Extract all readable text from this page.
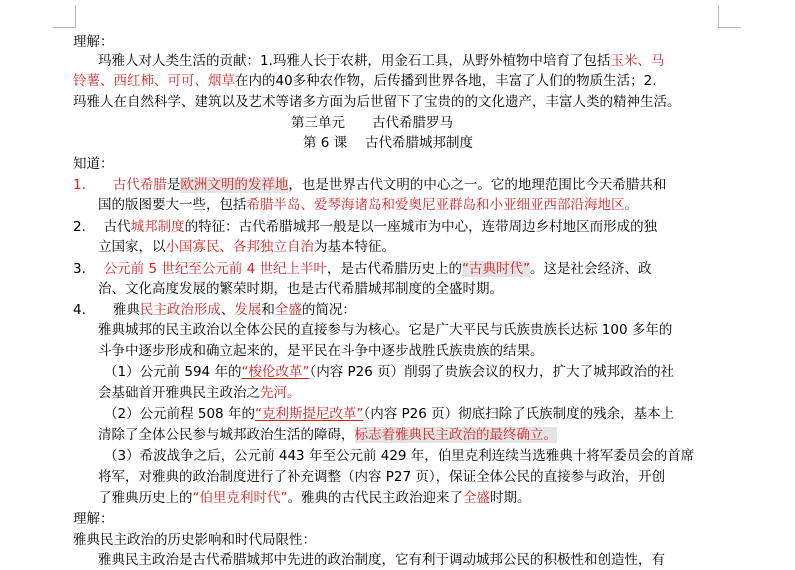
理解：
玛雅人对人类生活的贡献：1.玛雅人长于农耕，用金石工具，从野外植物中培育了包括玉米、马
铃薯、西红柿、可可、烟草在内的40多种农作物，后传播到世界各地，丰富了人们的物质生活；2.
玛雅人在自然科学、建筑以及艺术等诸多方面为后世留下了宝贵的的文化遗产，丰富人类的精神生活。
第三单元　　古代希腊罗马
第 6 课　 古代希腊城邦制度
知道：
1.　　古代希腊是欧洲文明的发祥地，也是世界古代文明的中心之一。它的地理范围比今天希腊共和
国的版图要大一些，包括希腊半岛、爱琴海诸岛和爱奥尼亚群岛和小亚细亚西部沿海地区。
2.　 古代城邦制度的特征：古代希腊城邦一般是以一座城市为中心，连带周边乡村地区而形成的独
立国家，以小国寡民、各邦独立自治为基本特征。
3.　 公元前 5 世纪至公元前 4 世纪上半叶，是古代希腊历史上的“古典时代”。这是社会经济、政
治、文化高度发展的繁荣时期，也是古代希腊城邦制度的全盛时期。
4.　　雅典民主政治形成、发展和全盛的简况：
雅典城邦的民主政治以全体公民的直接参与为核心。它是广大平民与氏族贵族长达标 100 多年的
斗争中逐步形成和确立起来的，是平民在斗争中逐步战胜氏族贵族的结果。
（1）公元前 594 年的“梭伦改革”（内容 P26 页）削弱了贵族会议的权力，扩大了城邦政治的社
会基础首开雅典民主政治之先河。
（2）公元前程 508 年的“克利斯提尼改革”（内容 P26 页）彻底扫除了氏族制度的残余，基本上
清除了全体公民参与城邦政治生活的障碍，标志着雅典民主政治的最终确立。
（3）希波战争之后，公元前 443 年至公元前 429 年，伯里克利连续当选雅典十将军委员会的首席
将军，对雅典的政治制度进行了补充调整（内容 P27 页），保证全体公民的直接参与政治，开创
了雅典历史上的“伯里克利时代”。雅典的古代民主政治迎来了全盛时期。
理解：
雅典民主政治的历史影响和时代局限性：
雅典民主政治是古代希腊城邦中先进的政治制度，它有利于调动城邦公民的积极性和创造性，有
